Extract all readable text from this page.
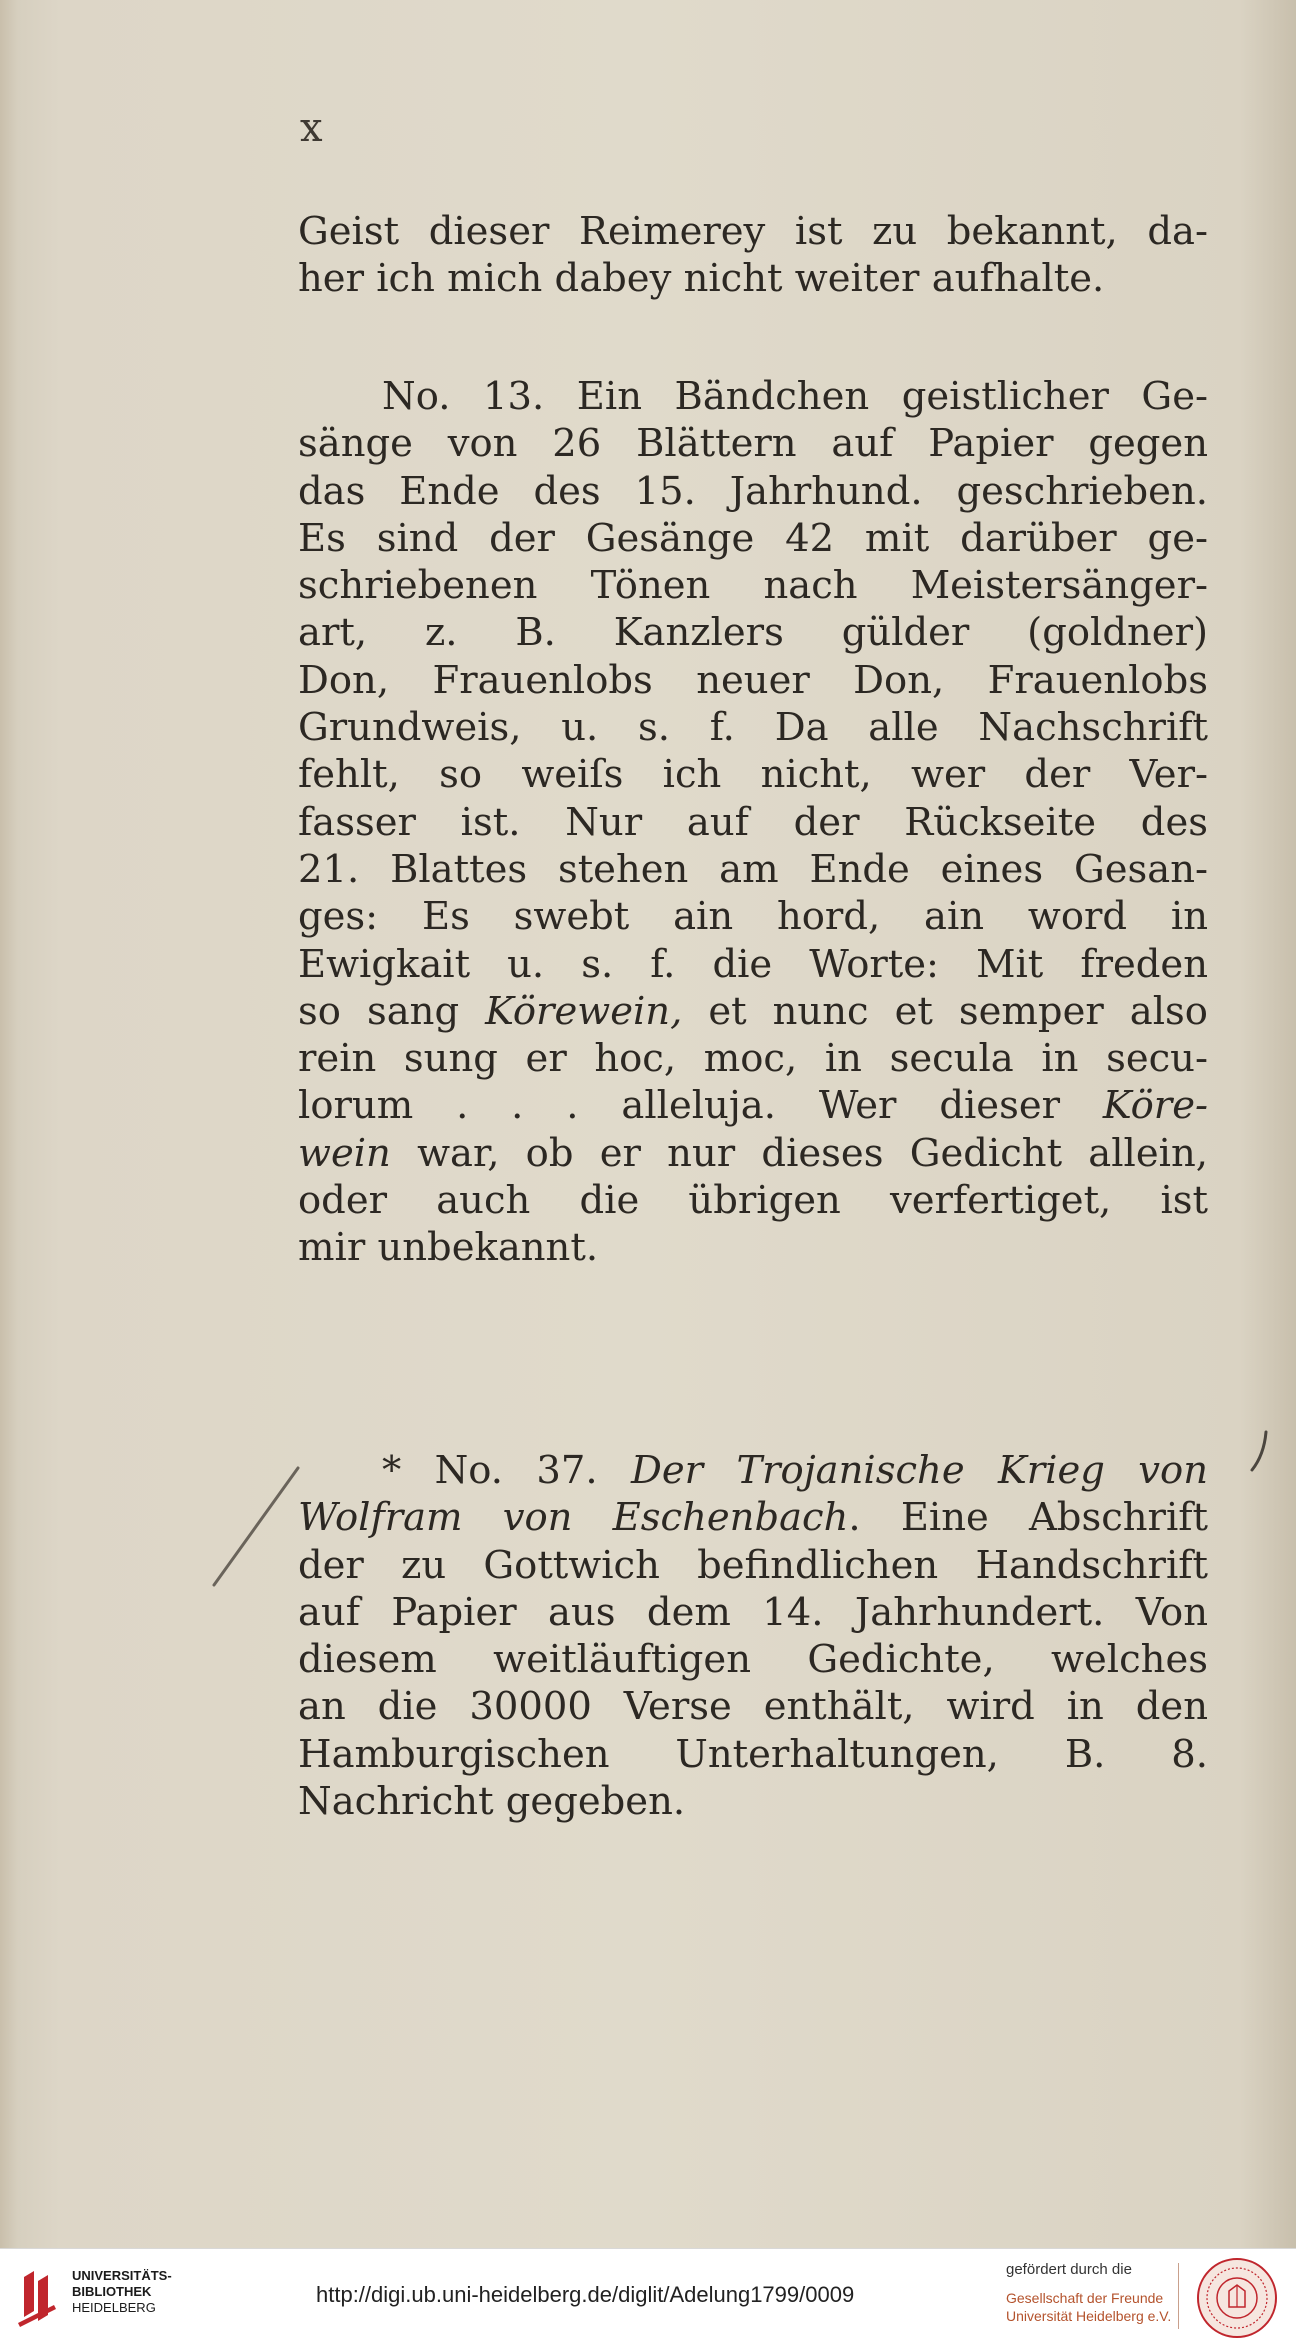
x
Geist dieser Reimerey ist zu bekannt, da-
her ich mich dabey nicht weiter aufhalte.
No. 13. Ein Bändchen geistlicher Ge-
sänge von 26 Blättern auf Papier gegen
das Ende des 15. Jahrhund. geschrieben.
Es sind der Gesänge 42 mit darüber ge-
schriebenen Tönen nach Meistersänger-
art, z. B. Kanzlers gülder (goldner)
Don, Frauenlobs neuer Don, Frauenlobs
Grundweis, u. s. f. Da alle Nachschrift
fehlt, so weiſs ich nicht, wer der Ver-
fasser ist. Nur auf der Rückseite des
21. Blattes stehen am Ende eines Gesan-
ges: Es swebt ain hord, ain word in
Ewigkait u. s. f. die Worte: Mit freden
so sang Körewein, et nunc et semper also
rein sung er hoc, moc, in secula in secu-
lorum . . . alleluja. Wer dieser Köre-
wein war, ob er nur dieses Gedicht allein,
oder auch die übrigen verfertiget, ist
mir unbekannt.
* No. 37. Der Trojanische Krieg von
Wolfram von Eschenbach. Eine Abschrift
der zu Gottwich befindlichen Handschrift
auf Papier aus dem 14. Jahrhundert. Von
diesem weitläuftigen Gedichte, welches
an die 30000 Verse enthält, wird in den
Hamburgischen Unterhaltungen, B. 8.
Nachricht gegeben.
UNIVERSITÄTS-
BIBLIOTHEK
HEIDELBERG
http://digi.ub.uni-heidelberg.de/diglit/Adelung1799/0009
gefördert durch die
Gesellschaft der Freunde
Universität Heidelberg e.V.
